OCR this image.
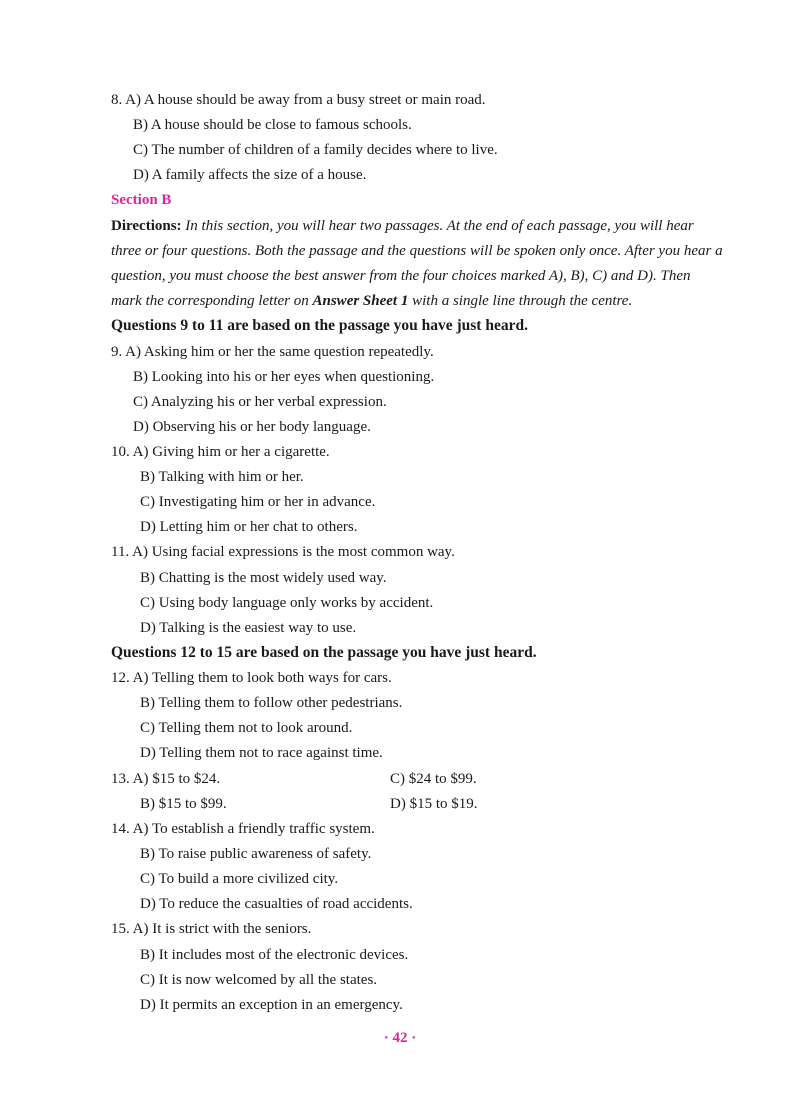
8. A) A house should be away from a busy street or main road.
B) A house should be close to famous schools.
C) The number of children of a family decides where to live.
D) A family affects the size of a house.
Section B
Directions: In this section, you will hear two passages. At the end of each passage, you will hear
three or four questions. Both the passage and the questions will be spoken only once. After you hear a
question, you must choose the best answer from the four choices marked A), B), C) and D). Then
mark the corresponding letter on Answer Sheet 1 with a single line through the centre.
Questions 9 to 11 are based on the passage you have just heard.
9. A) Asking him or her the same question repeatedly.
B) Looking into his or her eyes when questioning.
C) Analyzing his or her verbal expression.
D) Observing his or her body language.
10. A) Giving him or her a cigarette.
B) Talking with him or her.
C) Investigating him or her in advance.
D) Letting him or her chat to others.
11. A) Using facial expressions is the most common way.
B) Chatting is the most widely used way.
C) Using body language only works by accident.
D) Talking is the easiest way to use.
Questions 12 to 15 are based on the passage you have just heard.
12. A) Telling them to look both ways for cars.
B) Telling them to follow other pedestrians.
C) Telling them not to look around.
D) Telling them not to race against time.
13. A) $15 to $24.	C) $24 to $99.
B) $15 to $99.	D) $15 to $19.
14. A) To establish a friendly traffic system.
B) To raise public awareness of safety.
C) To build a more civilized city.
D) To reduce the casualties of road accidents.
15. A) It is strict with the seniors.
B) It includes most of the electronic devices.
C) It is now welcomed by all the states.
D) It permits an exception in an emergency.
· 42 ·
